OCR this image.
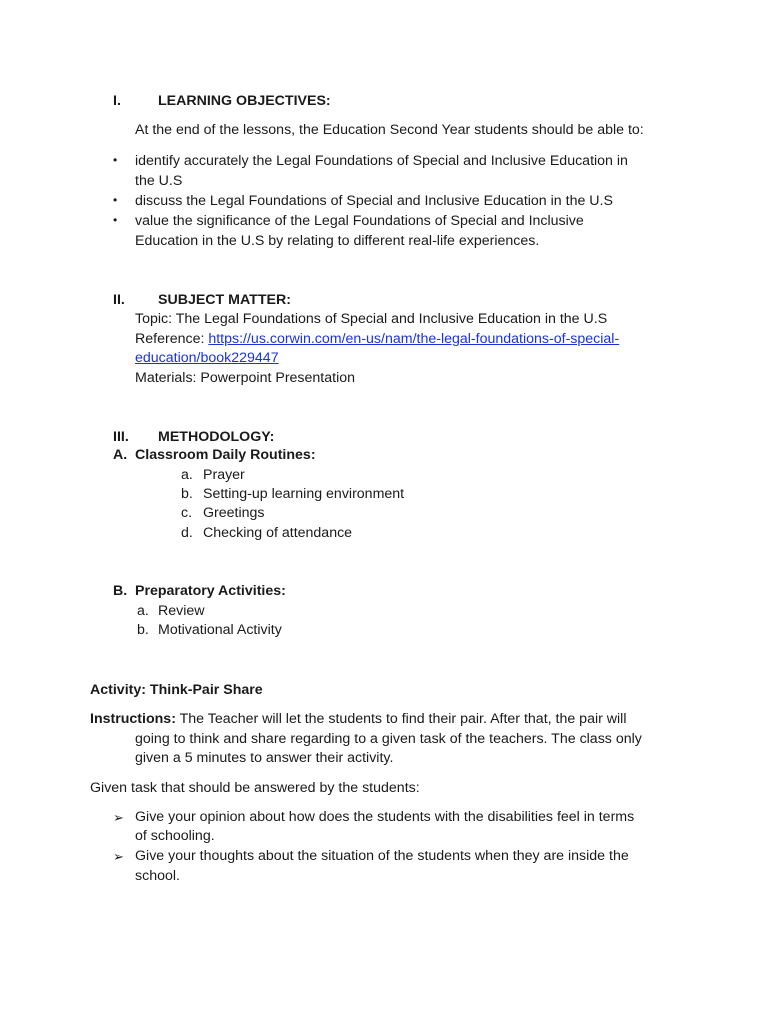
I.	LEARNING OBJECTIVES:
At the end of the lessons, the Education Second Year students should be able to:
• identify accurately the Legal Foundations of Special and Inclusive Education in
the U.S
• discuss the Legal Foundations of Special and Inclusive Education in the U.S
• value the significance of the Legal Foundations of Special and Inclusive
Education in the U.S by relating to different real-life experiences.
II. SUBJECT MATTER:
Topic: The Legal Foundations of Special and Inclusive Education in the U.S
Reference: https://us.corwin.com/en-us/nam/the-legal-foundations-of-special-
education/book229447
Materials: Powerpoint Presentation
III. METHODOLOGY:
A. Classroom Daily Routines:
a. Prayer
b. Setting-up learning environment
c. Greetings
d. Checking of attendance
B. Preparatory Activities:
a. Review
b. Motivational Activity
Activity: Think-Pair Share
Instructions: The Teacher will let the students to find their pair. After that, the pair will
going to think and share regarding to a given task of the teachers. The class only
given a 5 minutes to answer their activity.
Given task that should be answered by the students:
➢ Give your opinion about how does the students with the disabilities feel in terms
of schooling.
➢ Give your thoughts about the situation of the students when they are inside the
school.
